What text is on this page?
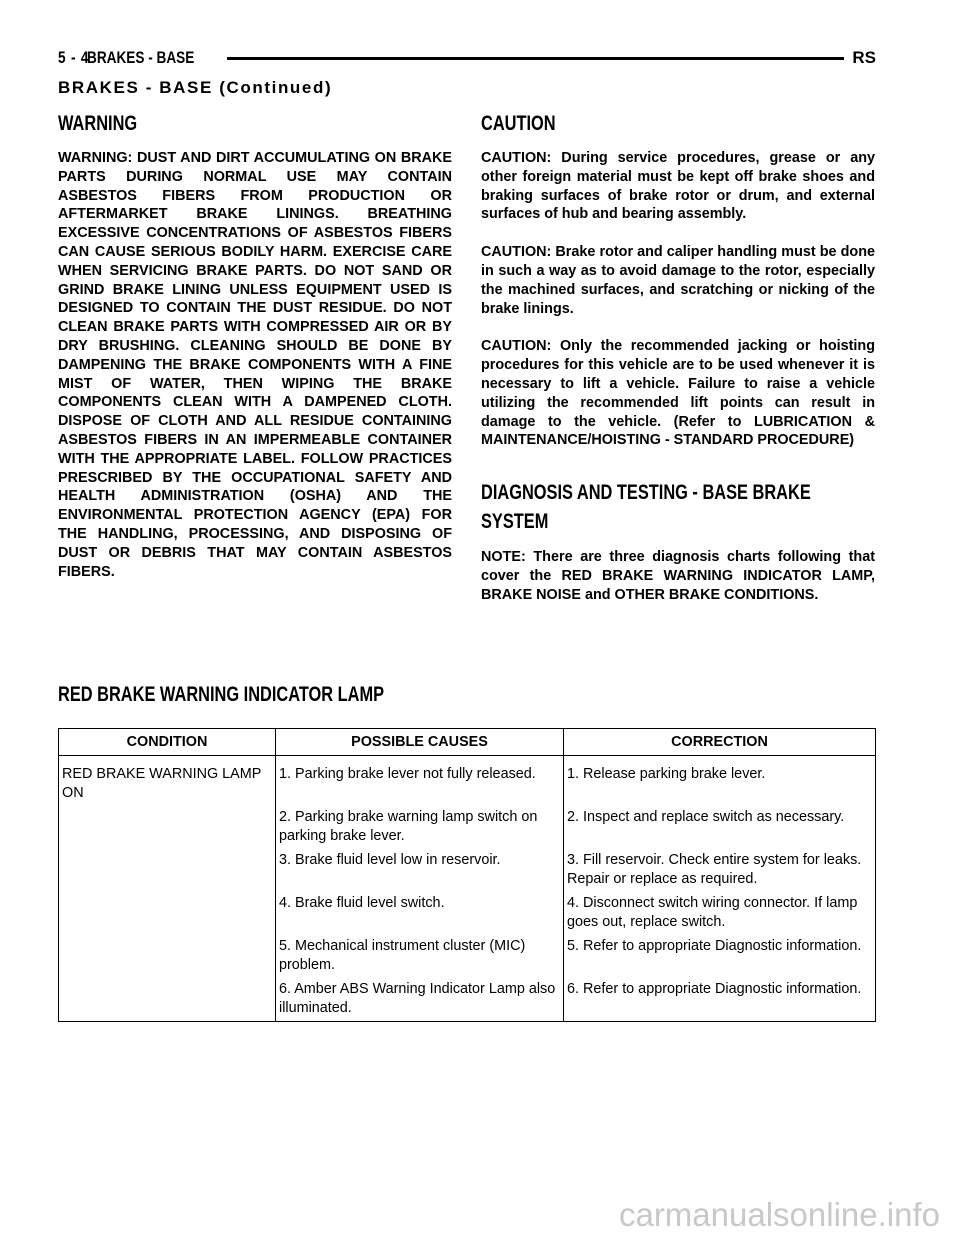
5 - 4
BRAKES - BASE	RS
BRAKES - BASE (Continued)
WARNING

WARNING: DUST AND DIRT ACCUMULATING ON BRAKE PARTS DURING NORMAL USE MAY CONTAIN ASBESTOS FIBERS FROM PRODUCTION OR AFTERMARKET BRAKE LININGS. BREATHING EXCESSIVE CONCENTRATIONS OF ASBESTOS FIBERS CAN CAUSE SERIOUS BODILY HARM. EXERCISE CARE WHEN SERVICING BRAKE PARTS. DO NOT SAND OR GRIND BRAKE LINING UNLESS EQUIPMENT USED IS DESIGNED TO CONTAIN THE DUST RESIDUE. DO NOT CLEAN BRAKE PARTS WITH COMPRESSED AIR OR BY DRY BRUSHING. CLEANING SHOULD BE DONE BY DAMPENING THE BRAKE COMPONENTS WITH A FINE MIST OF WATER, THEN WIPING THE BRAKE COMPONENTS CLEAN WITH A DAMPENED CLOTH. DISPOSE OF CLOTH AND ALL RESIDUE CONTAINING ASBESTOS FIBERS IN AN IMPERMEABLE CONTAINER WITH THE APPROPRIATE LABEL. FOLLOW PRACTICES PRESCRIBED BY THE OCCUPATIONAL SAFETY AND HEALTH ADMINISTRATION (OSHA) AND THE ENVIRONMENTAL PROTECTION AGENCY (EPA) FOR THE HANDLING, PROCESSING, AND DISPOSING OF DUST OR DEBRIS THAT MAY CONTAIN ASBESTOS FIBERS.

CAUTION

CAUTION: During service procedures, grease or any other foreign material must be kept off brake shoes and braking surfaces of brake rotor or drum, and external surfaces of hub and bearing assembly.

CAUTION: Brake rotor and caliper handling must be done in such a way as to avoid damage to the rotor, especially the machined surfaces, and scratching or nicking of the brake linings.

CAUTION: Only the recommended jacking or hoisting procedures for this vehicle are to be used whenever it is necessary to lift a vehicle. Failure to raise a vehicle utilizing the recommended lift points can result in damage to the vehicle. (Refer to LUBRICATION & MAINTENANCE/HOISTING - STANDARD PROCEDURE)

DIAGNOSIS AND TESTING - BASE BRAKE SYSTEM

NOTE: There are three diagnosis charts following that cover the RED BRAKE WARNING INDICATOR LAMP, BRAKE NOISE and OTHER BRAKE CONDITIONS.

RED BRAKE WARNING INDICATOR LAMP
CONDITION	POSSIBLE CAUSES	CORRECTION
RED BRAKE WARNING LAMP ON	1. Parking brake lever not fully released.	1. Release parking brake lever.
	2. Parking brake warning lamp switch on parking brake lever.	2. Inspect and replace switch as necessary.
	3. Brake fluid level low in reservoir.	3. Fill reservoir. Check entire system for leaks. Repair or replace as required.
	4. Brake fluid level switch.	4. Disconnect switch wiring connector. If lamp goes out, replace switch.
	5. Mechanical instrument cluster (MIC) problem.	5. Refer to appropriate Diagnostic information.
	6. Amber ABS Warning Indicator Lamp also illuminated.	6. Refer to appropriate Diagnostic information.
carmanualsonline.info
